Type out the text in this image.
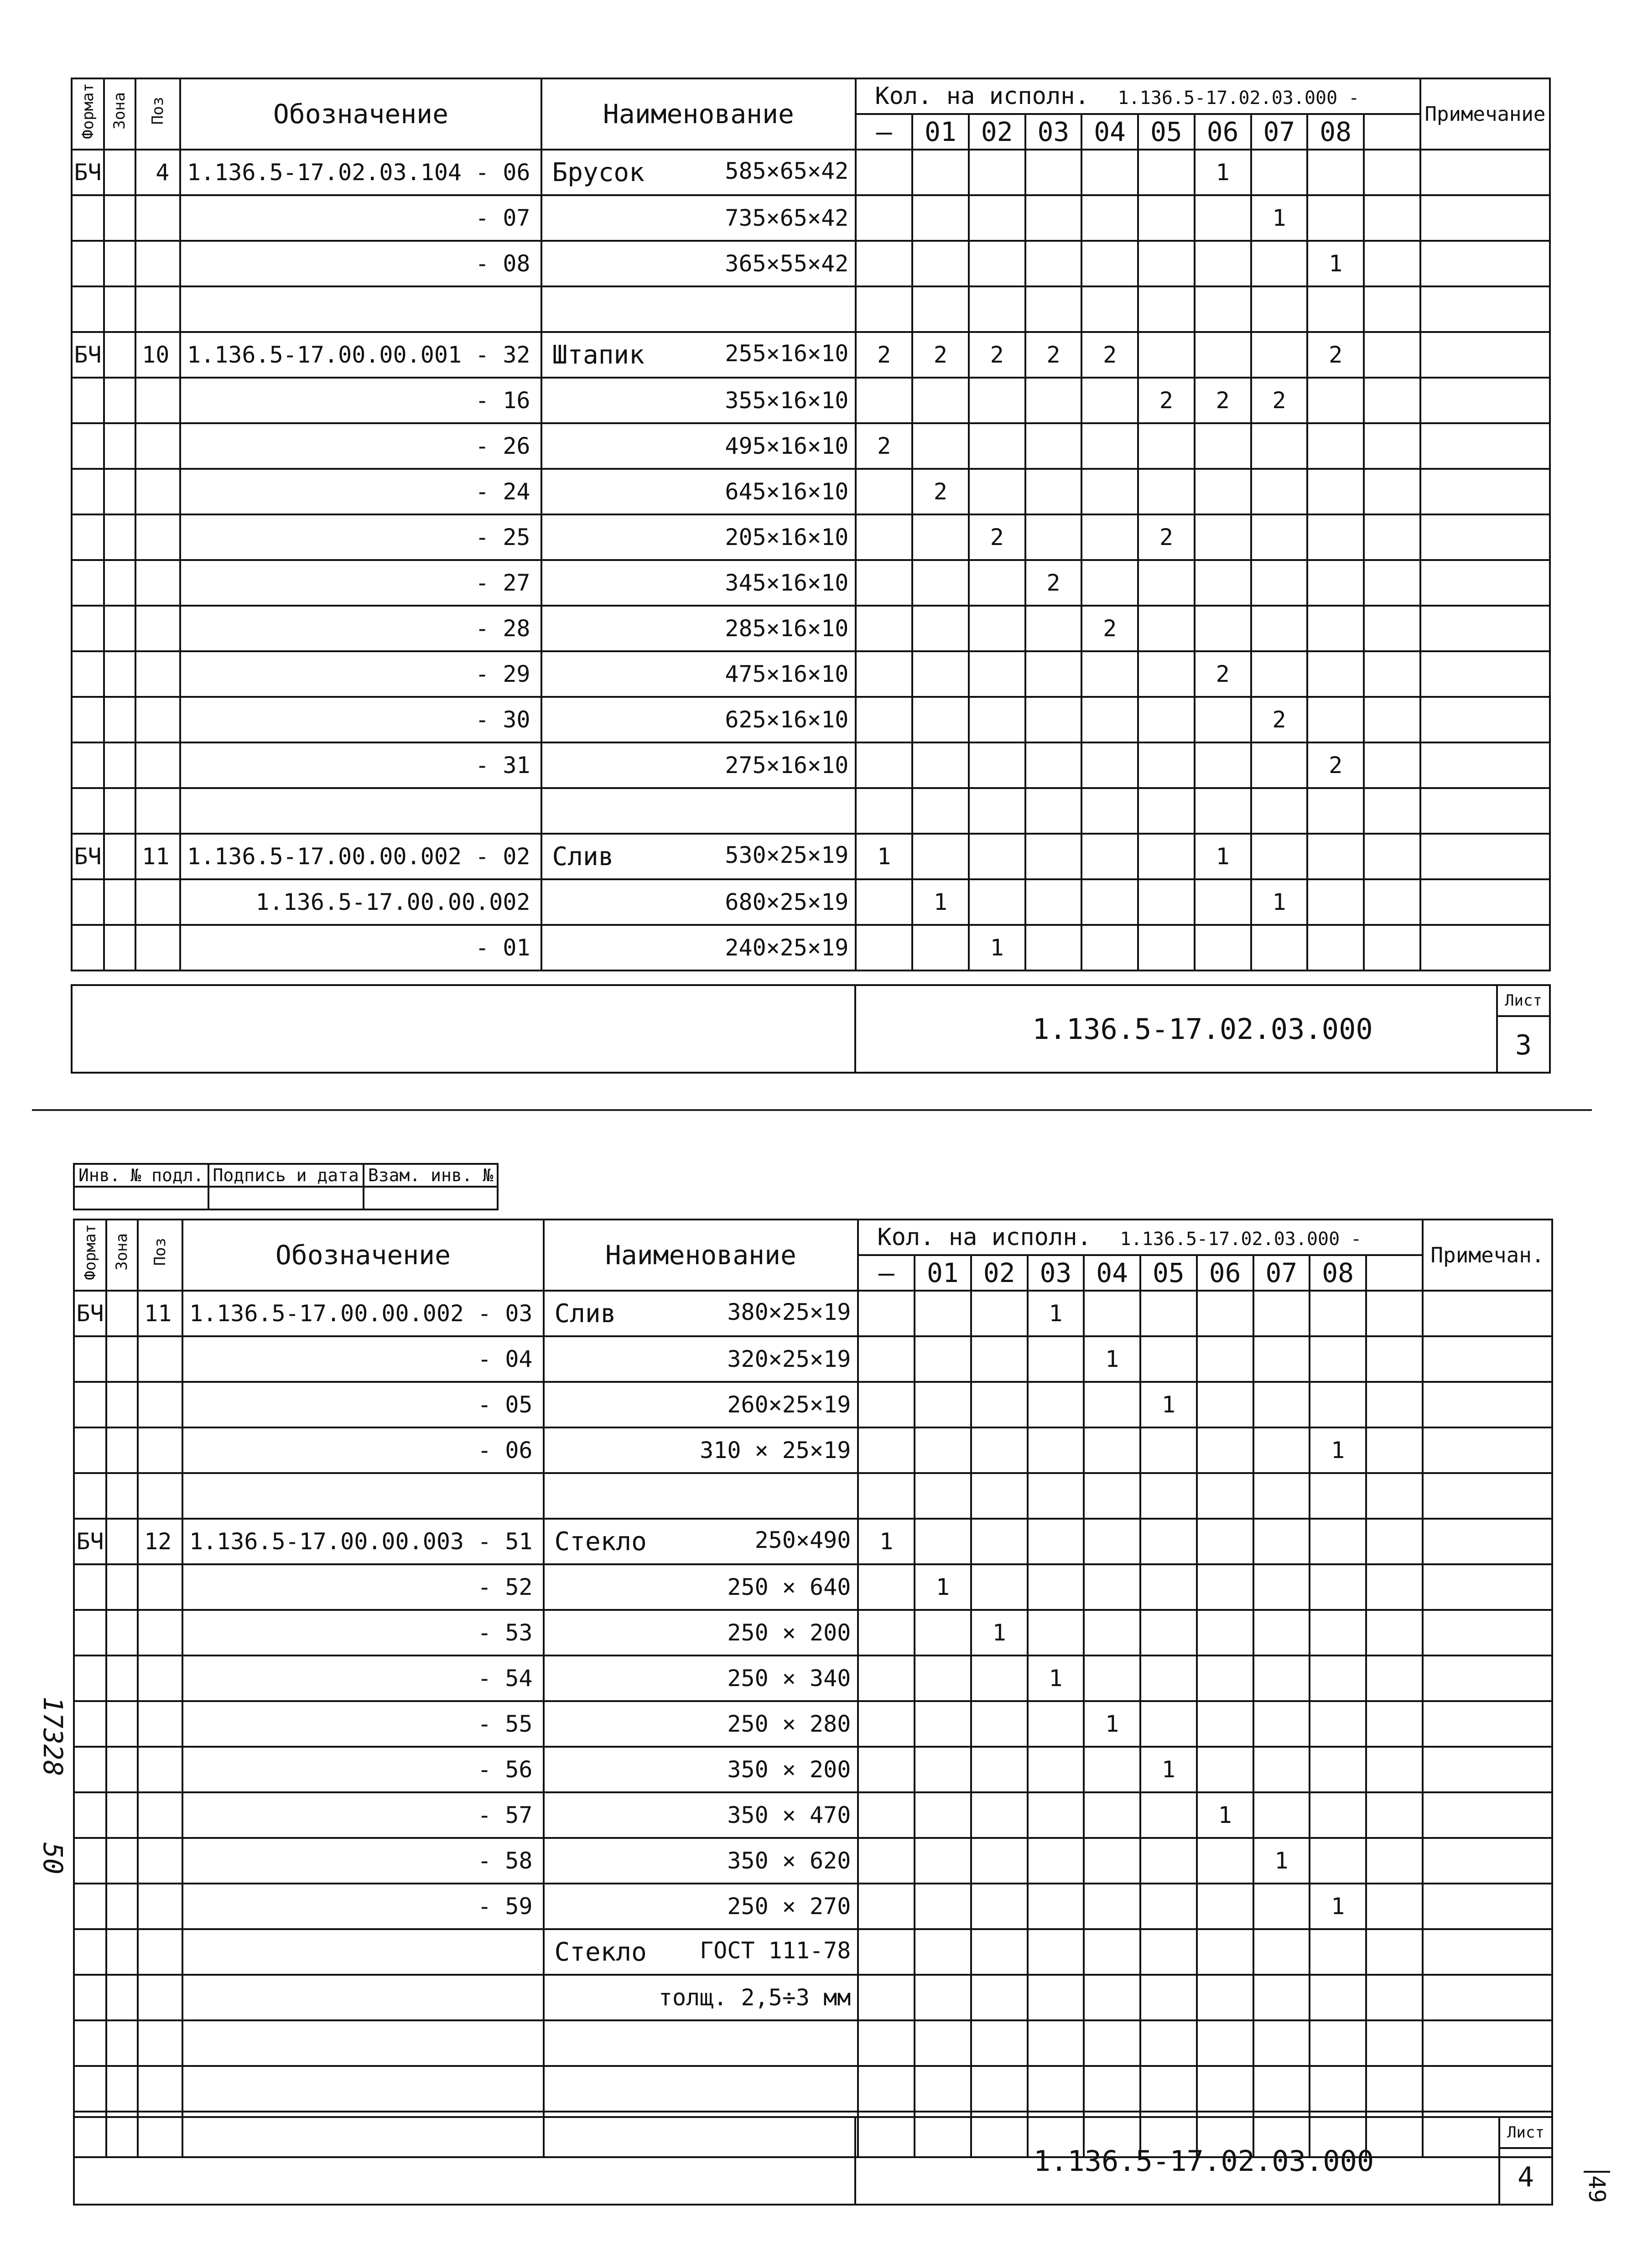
Формат	Зона	Поз	Обозначение	Наименование	Кол. на исполн. 1.136.5-17.02.03.000 -										Примечание
					–	01	02	03	04	05	06	07	08		
БЧ		4	1.136.5-17.02.03.104 - 06	Брусок 585×65×42							1				
			- 07	735×65×42								1			
			- 08	365×55×42									1		

БЧ		10	1.136.5-17.00.00.001 - 32	Штапик 255×16×10	2	2	2	2	2				2		
			- 16	355×16×10						2	2	2			
			- 26	495×16×10	2										
			- 24	645×16×10		2									
			- 25	205×16×10			2			2					
			- 27	345×16×10				2							
			- 28	285×16×10					2						
			- 29	475×16×10							2				
			- 30	625×16×10								2			
			- 31	275×16×10									2		

БЧ		11	1.136.5-17.00.00.002 - 02	Слив 530×25×19	1						1				
			1.136.5-17.00.00.002	680×25×19		1						1			
			- 01	240×25×19			1								
1.136.5-17.02.03.000
Лист
3
Инв. № подл.	Подпись и дата	Взам. инв. №

Формат	Зона	Поз	Обозначение	Наименование	Кол. на исполн. 1.136.5-17.02.03.000 -										Примечан.
					–	01	02	03	04	05	06	07	08		
БЧ		11	1.136.5-17.00.00.002 - 03	Слив 380×25×19				1							
			- 04	320×25×19					1						
			- 05	260×25×19						1					
			- 06	310 × 25×19									1		

БЧ		12	1.136.5-17.00.00.003 - 51	Стекло 250×490	1										
			- 52	250 × 640		1									
			- 53	250 × 200			1								
			- 54	250 × 340				1							
			- 55	250 × 280					1						
			- 56	350 × 200						1					
			- 57	350 × 470							1				
			- 58	350 × 620								1			
			- 59	250 × 270									1		
				Стекло ГОСТ 111-78											

				толщ. 2,5÷3 мм											

1.136.5-17.02.03.000
Лист
4
17328
50
49
